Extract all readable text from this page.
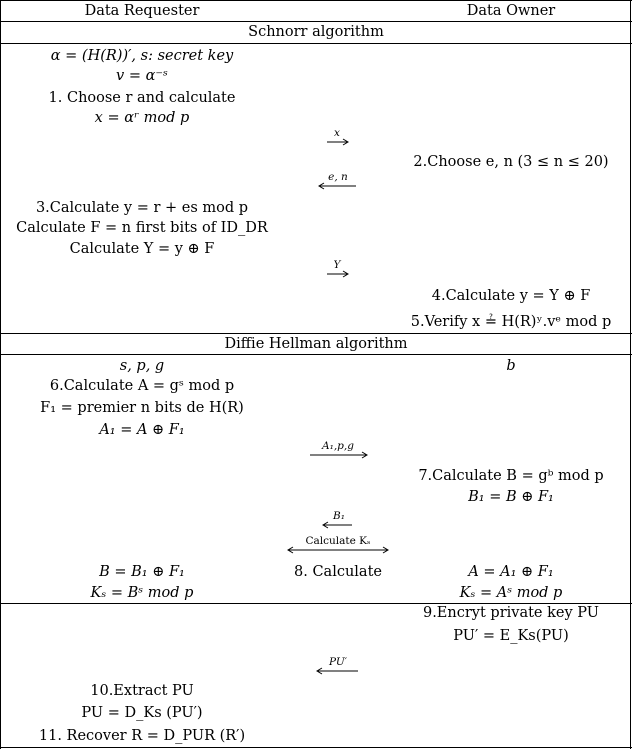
Data Requester	Data Owner
Schnorr algorithm
α = (H(R))′, s: secret key
v = α⁻ˢ
1. Choose r and calculate
x = αʳ mod p
x
2.Choose e, n (3 ≤ n ≤ 20)
e, n
3.Calculate y = r + es mod p
Calculate F = n first bits of ID_DR
Calculate Y = y ⊕ F
Y
4.Calculate y = Y ⊕ F
5.Verify x ≟ H(R)ʸ.vᵉ mod p
Diffie Hellman algorithm
s, p, g	b
6.Calculate A = gˢ mod p
F₁ = premier n bits de H(R)
A₁ = A ⊕ F₁
A₁,p,g
7.Calculate B = gᵇ mod p
B₁ = B ⊕ F₁
B₁
Calculate Kₛ
8. Calculate
B = B₁ ⊕ F₁
Kₛ = Bˢ mod p
A = A₁ ⊕ F₁
Kₛ = Aˢ mod p
9.Encryt private key PU
PU′ = E_Ks(PU)
PU′
10.Extract PU
PU = D_Ks (PU′)
11. Recover R = D_PUR (R′)
